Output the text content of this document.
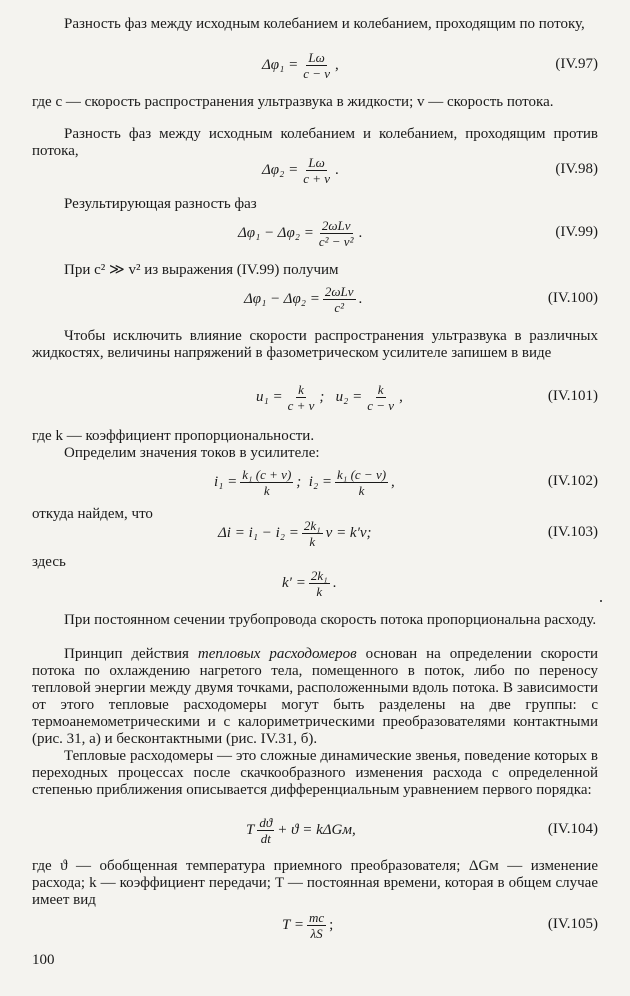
Разность фаз между исходным колебанием и колебанием, проходящим по потоку,

$\Delta\varphi_1 = \frac{L\omega}{c - v}$ ,	(IV.97)

где c — скорость распространения ультразвука в жидкости; v — скорость потока.

Разность фаз между исходным колебанием и колебанием, проходящим против потока,

$\Delta\varphi_2 = \frac{L\omega}{c + v}$ .	(IV.98)

Результирующая разность фаз

$\Delta\varphi_1 - \Delta\varphi_2 = \frac{\text{2ωLv}}{\text{c² − v²}}$ .	(IV.99)

При c² ≫ v² из выражения (IV.99) получим

$\Delta\varphi_1 - \Delta\varphi_2 = \frac{\text{2ωLv}}{\text{c²}}$ .	(IV.100)

Чтобы исключить влияние скорости распространения ультразвука в различных жидкостях, величины напряжений в фазометрическом усилителе запишем в виде

$u_1 = \frac{k}{c + v}$ ;   $u_2 = \frac{k}{c - v}$ ,	(IV.101)

где k — коэффициент пропорциональности.

Определим значения токов в усилителе:

$i_1 = \frac{\text{k₁ (c + v)}}{k}$ ;  $i_2 = \frac{\text{k₁ (c − v)}}{k}$ ,	(IV.102)

откуда найдем, что

$\Delta i = i_1 - i_2 = \frac{\text{2k₁}}{k}$ v = k′v;	(IV.103)

здесь

$k' = \frac{\text{2k₁}}{k}$ .

При постоянном сечении трубопровода скорость потока пропорциональна расходу.

Принцип действия тепловых расходомеров основан на определении скорости потока по охлаждению нагретого тела, помещенного в поток, либо по переносу тепловой энергии между двумя точками, расположенными вдоль потока. В зависимости от этого тепловые расходомеры могут быть разделены на две группы: с термоанемометрическими и с калориметрическими преобразователями контактными (рис. 31, а) и бесконтактными (рис. IV.31, б).

Тепловые расходомеры — это сложные динамические звенья, поведение которых в переходных процессах после скачкообразного изменения расхода с определенной степенью приближения описывается дифференциальным уравнением первого порядка:

T $\frac{dϑ}{dt} + ϑ = k\Delta Gм$,	(IV.104)

где ϑ — обобщенная температура приемного преобразователя; ΔGм — изменение расхода; k — коэффициент передачи; T — постоянная времени, которая в общем случае имеет вид

$T = \frac{mc}{\lambda S}$ ;	(IV.105)
100
